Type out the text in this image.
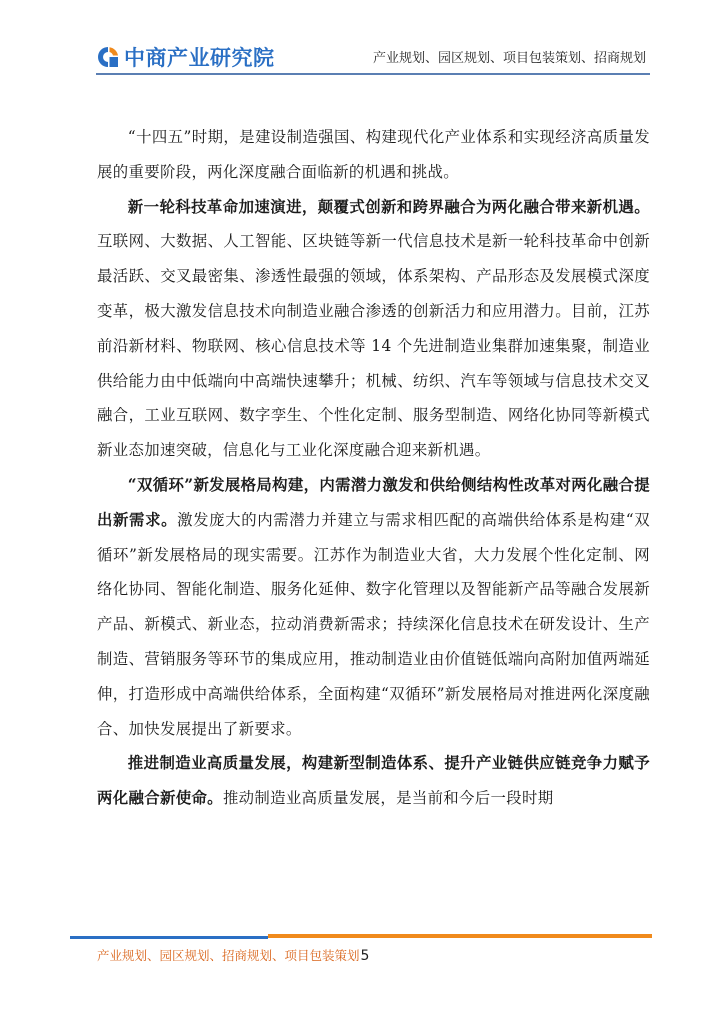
中商产业研究院	产业规划、园区规划、项目包装策划、招商规划

“十四五”时期，是建设制造强国、构建现代化产业体系和实现经济高质量发展的重要阶段，两化深度融合面临新的机遇和挑战。

新一轮科技革命加速演进，颠覆式创新和跨界融合为两化融合带来新机遇。互联网、大数据、人工智能、区块链等新一代信息技术是新一轮科技革命中创新最活跃、交叉最密集、渗透性最强的领域，体系架构、产品形态及发展模式深度变革，极大激发信息技术向制造业融合渗透的创新活力和应用潜力。目前，江苏前沿新材料、物联网、核心信息技术等 14 个先进制造业集群加速集聚，制造业供给能力由中低端向中高端快速攀升；机械、纺织、汽车等领域与信息技术交叉融合，工业互联网、数字孪生、个性化定制、服务型制造、网络化协同等新模式新业态加速突破，信息化与工业化深度融合迎来新机遇。

“双循环”新发展格局构建，内需潜力激发和供给侧结构性改革对两化融合提出新需求。激发庞大的内需潜力并建立与需求相匹配的高端供给体系是构建“双循环”新发展格局的现实需要。江苏作为制造业大省，大力发展个性化定制、网络化协同、智能化制造、服务化延伸、数字化管理以及智能新产品等融合发展新产品、新模式、新业态，拉动消费新需求；持续深化信息技术在研发设计、生产制造、营销服务等环节的集成应用，推动制造业由价值链低端向高附加值两端延伸，打造形成中高端供给体系，全面构建“双循环”新发展格局对推进两化深度融合、加快发展提出了新要求。

推进制造业高质量发展，构建新型制造体系、提升产业链供应链竞争力赋予两化融合新使命。推动制造业高质量发展，是当前和今后一段时期

产业规划、园区规划、招商规划、项目包装策划5
